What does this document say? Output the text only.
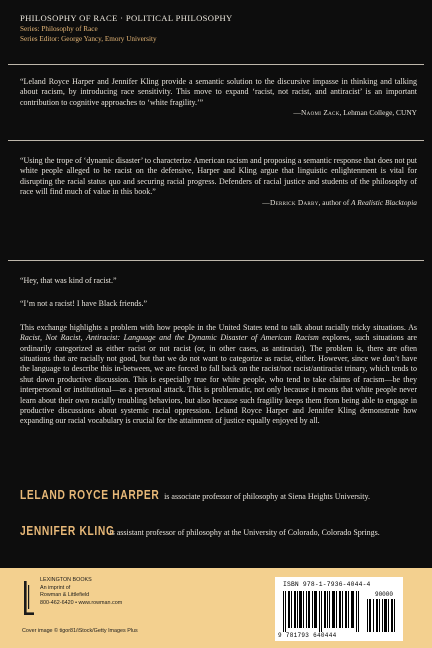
PHILOSOPHY OF RACE · POLITICAL PHILOSOPHY
Series: Philosophy of Race
Series Editor: George Yancy, Emory University
“Leland Royce Harper and Jennifer Kling provide a semantic solution to the discursive impasse in thinking and talking about racism, by introducing race sensitivity. This move to expand ‘racist, not racist, and antiracist’ is an important contribution to cognitive approaches to ‘white fragility.’”
—Naomi Zack, Lehman College, CUNY
“Using the trope of ‘dynamic disaster’ to characterize American racism and proposing a semantic response that does not put white people alleged to be racist on the defensive, Harper and Kling argue that linguistic enlightenment is vital for disrupting the racial status quo and securing racial progress. Defenders of racial justice and students of the philosophy of race will find much of value in this book.”
—Derrick Darby, author of A Realistic Blacktopia

“Hey, that was kind of racist.”

“I’m not a racist! I have Black friends.”

This exchange highlights a problem with how people in the United States tend to talk about racially tricky situations. As Racist, Not Racist, Antiracist: Language and the Dynamic Disaster of American Racism explores, such situations are ordinarily categorized as either racist or not racist (or, in other cases, as antiracist). The problem is, there are often situations that are racially not good, but that we do not want to categorize as racist, either. However, since we don’t have the language to describe this in-between, we are forced to fall back on the racist/not racist/antiracist trinary, which tends to shut down productive discussion. This is especially true for white people, who tend to take claims of racism—be they interpersonal or institutional—as a personal attack. This is problematic, not only because it means that white people never learn about their own racially troubling behaviors, but also because such fragility keeps them from being able to engage in productive discussions about systemic racial oppression. Leland Royce Harper and Jennifer Kling demonstrate how expanding our racial vocabulary is crucial for the attainment of justice equally enjoyed by all.

LELAND ROYCE HARPER is associate professor of philosophy at Siena Heights University.
JENNIFER KLING is assistant professor of philosophy at the University of Colorado, Colorado Springs.
LEXINGTON BOOKS
An imprint of
Rowman & Littlefield
800-462-6420 • www.rowman.com
Cover image © tigor81/iStock/Getty Images Plus
ISBN 978-1-7936-4044-4
90000
9 781793 640444
